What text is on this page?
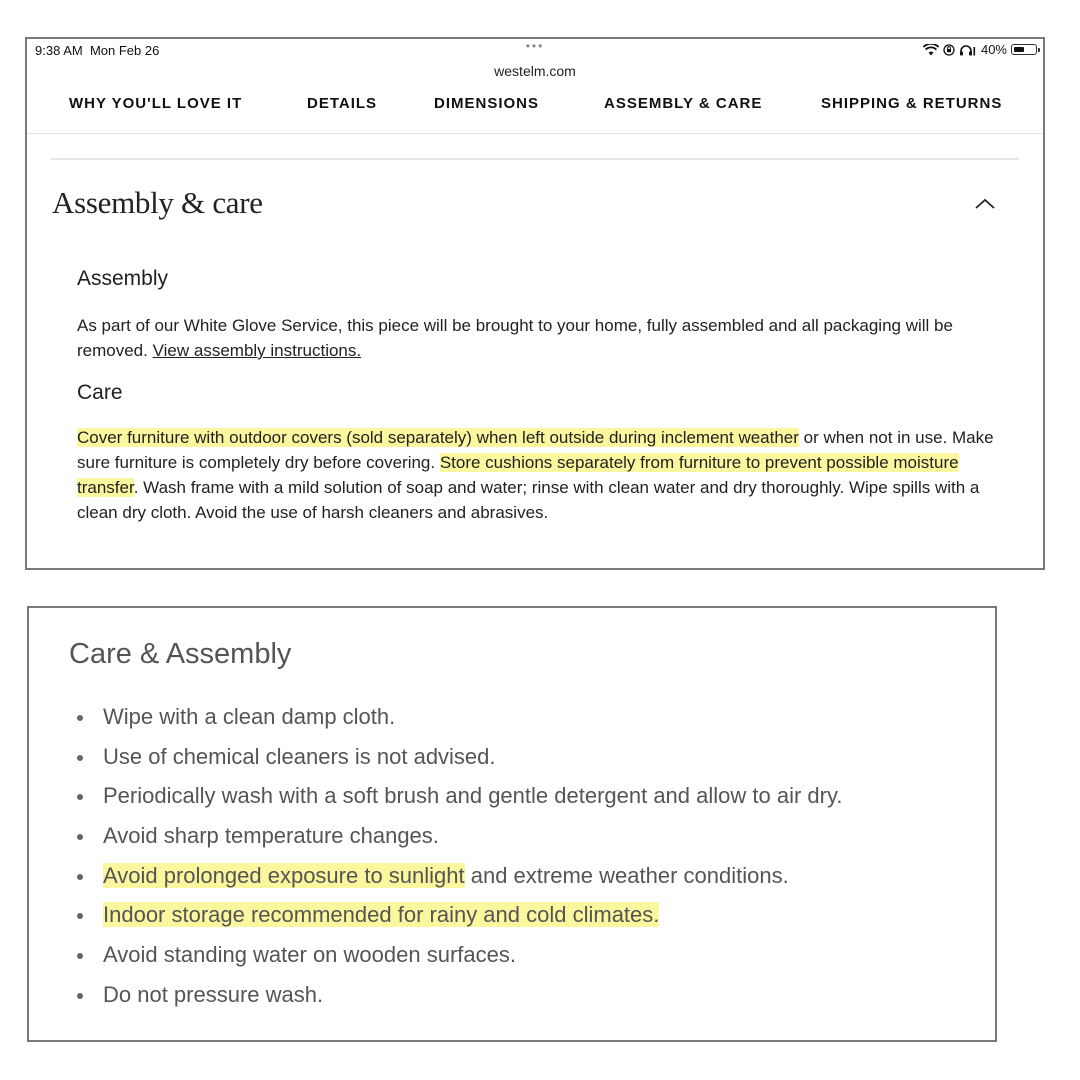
9:38 AM Mon Feb 26	•••
westelm.com
40%
WHY YOU'LL LOVE IT	DETAILS	DIMENSIONS	ASSEMBLY & CARE	SHIPPING & RETURNS
Assembly & care
Assembly
As part of our White Glove Service, this piece will be brought to your home, fully assembled and all packaging will be removed. View assembly instructions.
Care
Cover furniture with outdoor covers (sold separately) when left outside during inclement weather or when not in use. Make sure furniture is completely dry before covering. Store cushions separately from furniture to prevent possible moisture transfer. Wash frame with a mild solution of soap and water; rinse with clean water and dry thoroughly. Wipe spills with a clean dry cloth. Avoid the use of harsh cleaners and abrasives.
Care & Assembly
Wipe with a clean damp cloth.
Use of chemical cleaners is not advised.
Periodically wash with a soft brush and gentle detergent and allow to air dry.
Avoid sharp temperature changes.
Avoid prolonged exposure to sunlight and extreme weather conditions.
Indoor storage recommended for rainy and cold climates.
Avoid standing water on wooden surfaces.
Do not pressure wash.
